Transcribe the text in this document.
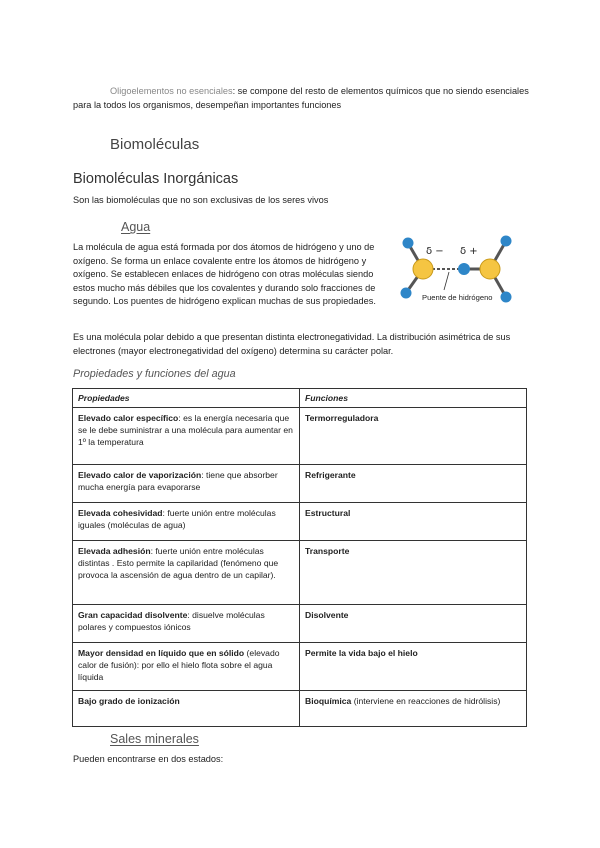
Oligoelementos no esenciales: se compone del resto de elementos químicos que no siendo esenciales para la todos los organismos, desempeñan importantes funciones

Biomoléculas
Biomoléculas Inorgánicas
Son las biomoléculas que no son exclusivas de los seres vivos
Agua

La molécula de agua está formada por dos átomos de hidrógeno y uno de oxígeno. Se forma un enlace covalente entre los átomos de hidrógeno y oxígeno. Se establecen enlaces de hidrógeno con otras moléculas siendo estos mucho más débiles que los covalentes y durando solo fracciones de segundo. Los puentes de hidrógeno explican muchas de sus propiedades.

δ − δ +
Puente de hidrógeno

Es una molécula polar debido a que presentan distinta electronegatividad. La distribución asimétrica de sus electrones (mayor electronegatividad del oxígeno) determina su carácter polar.

Propiedades y funciones del agua
Propiedades	Funciones
Elevado calor específico: es la energía necesaria que se le debe suministrar a una molécula para aumentar en 1º la temperatura	Termorreguladora
Elevado calor de vaporización: tiene que absorber mucha energía para evaporarse	Refrigerante
Elevada cohesividad: fuerte unión entre moléculas iguales (moléculas de agua)	Estructural
Elevada adhesión: fuerte unión entre moléculas distintas . Esto permite la capilaridad (fenómeno que provoca la ascensión de agua dentro de un capilar).	Transporte
Gran capacidad disolvente: disuelve moléculas polares y compuestos iónicos	Disolvente
Mayor densidad en líquido que en sólido (elevado calor de fusión): por ello el hielo flota sobre el agua líquida	Permite la vida bajo el hielo
Bajo grado de ionización	Bioquímica (interviene en reacciones de hidrólisis)
Sales minerales
Pueden encontrarse en dos estados:
